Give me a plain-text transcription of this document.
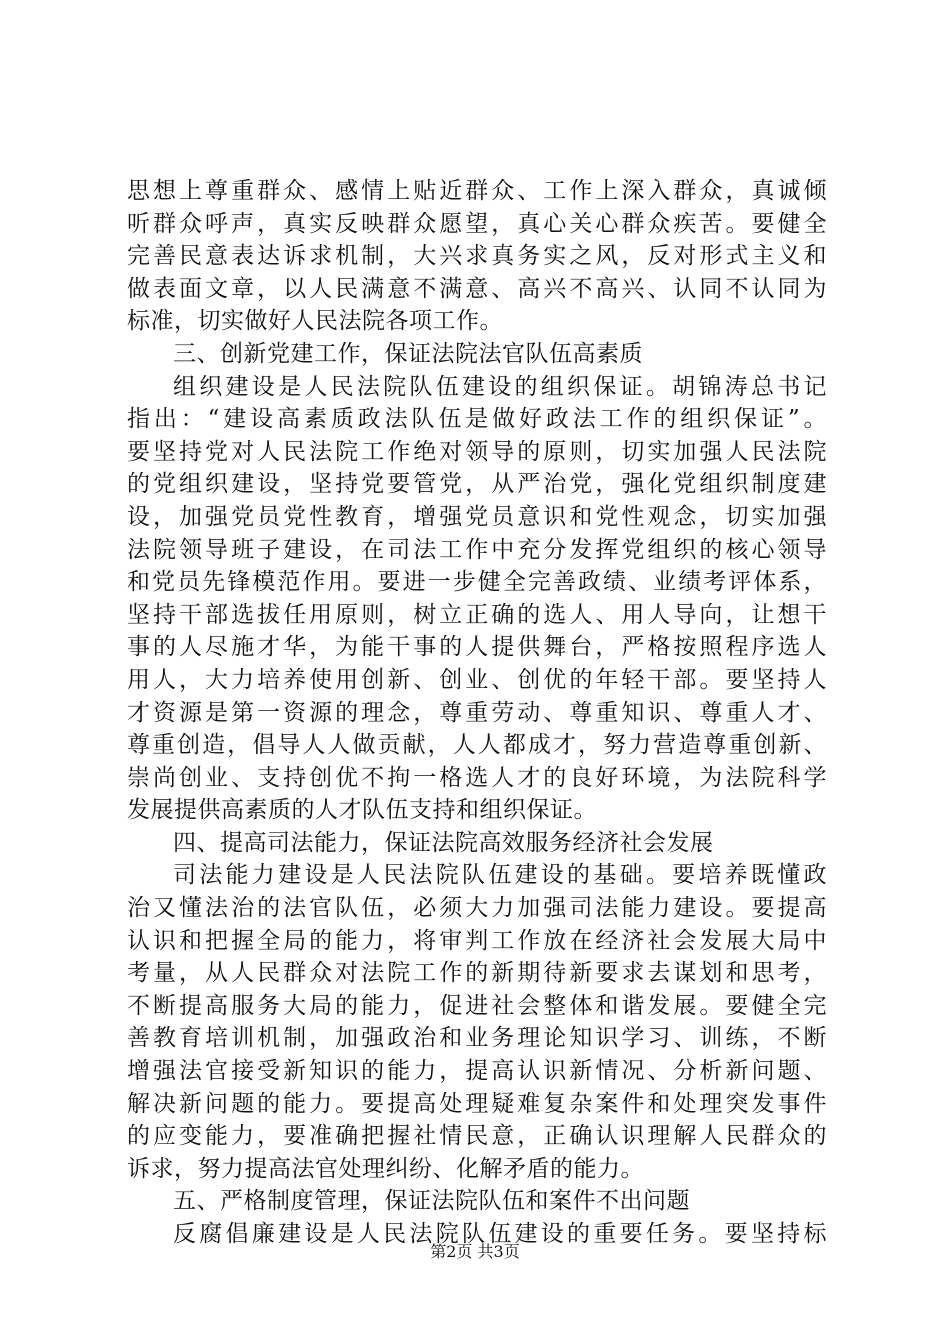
思想上尊重群众、感情上贴近群众、工作上深入群众，真诚倾
听群众呼声，真实反映群众愿望，真心关心群众疾苦。要健全
完善民意表达诉求机制，大兴求真务实之风，反对形式主义和
做表面文章，以人民满意不满意、高兴不高兴、认同不认同为
标准，切实做好人民法院各项工作。
三、创新党建工作，保证法院法官队伍高素质
组织建设是人民法院队伍建设的组织保证。胡锦涛总书记
指出：“建设高素质政法队伍是做好政法工作的组织保证”。
要坚持党对人民法院工作绝对领导的原则，切实加强人民法院
的党组织建设，坚持党要管党，从严治党，强化党组织制度建
设，加强党员党性教育，增强党员意识和党性观念，切实加强
法院领导班子建设，在司法工作中充分发挥党组织的核心领导
和党员先锋模范作用。要进一步健全完善政绩、业绩考评体系，
坚持干部选拔任用原则，树立正确的选人、用人导向，让想干
事的人尽施才华，为能干事的人提供舞台，严格按照程序选人
用人，大力培养使用创新、创业、创优的年轻干部。要坚持人
才资源是第一资源的理念，尊重劳动、尊重知识、尊重人才、
尊重创造，倡导人人做贡献，人人都成才，努力营造尊重创新、
崇尚创业、支持创优不拘一格选人才的良好环境，为法院科学
发展提供高素质的人才队伍支持和组织保证。
四、提高司法能力，保证法院高效服务经济社会发展
司法能力建设是人民法院队伍建设的基础。要培养既懂政
治又懂法治的法官队伍，必须大力加强司法能力建设。要提高
认识和把握全局的能力，将审判工作放在经济社会发展大局中
考量，从人民群众对法院工作的新期待新要求去谋划和思考，
不断提高服务大局的能力，促进社会整体和谐发展。要健全完
善教育培训机制，加强政治和业务理论知识学习、训练，不断
增强法官接受新知识的能力，提高认识新情况、分析新问题、
解决新问题的能力。要提高处理疑难复杂案件和处理突发事件
的应变能力，要准确把握社情民意，正确认识理解人民群众的
诉求，努力提高法官处理纠纷、化解矛盾的能力。
五、严格制度管理，保证法院队伍和案件不出问题
反腐倡廉建设是人民法院队伍建设的重要任务。要坚持标
第2页 共3页
